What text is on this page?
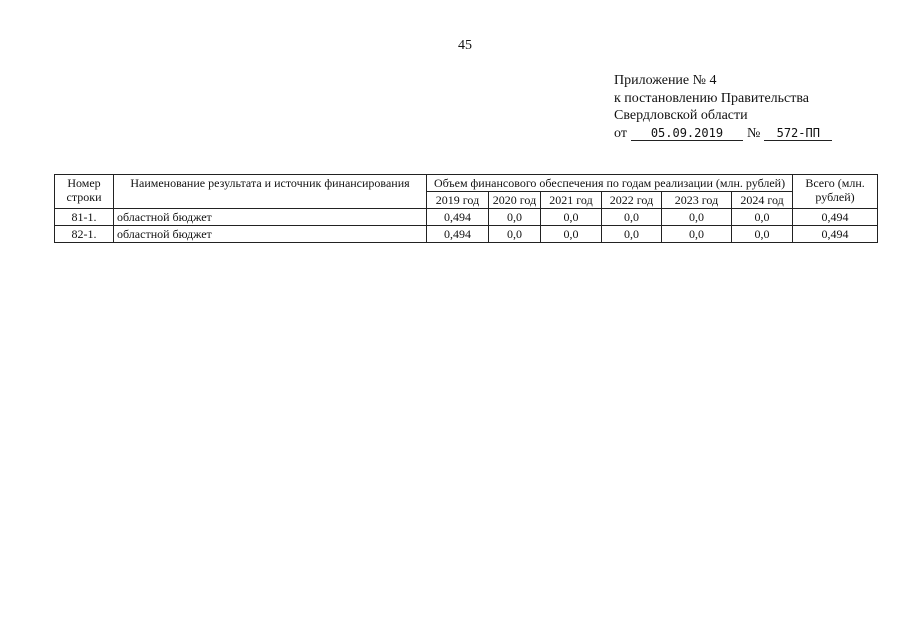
45
Приложение № 4
к постановлению Правительства
Свердловской области
от	05.09.2019	№	572-ПП
Номер строки	Наименование результата и источник финансирования	Объем финансового обеспечения по годам реализации (млн. рублей)						Всего (млн. рублей)
		2019 год	2020 год	2021 год	2022 год	2023 год	2024 год	
81-1.	областной бюджет	0,494	0,0	0,0	0,0	0,0	0,0	0,494
82-1.	областной бюджет	0,494	0,0	0,0	0,0	0,0	0,0	0,494
